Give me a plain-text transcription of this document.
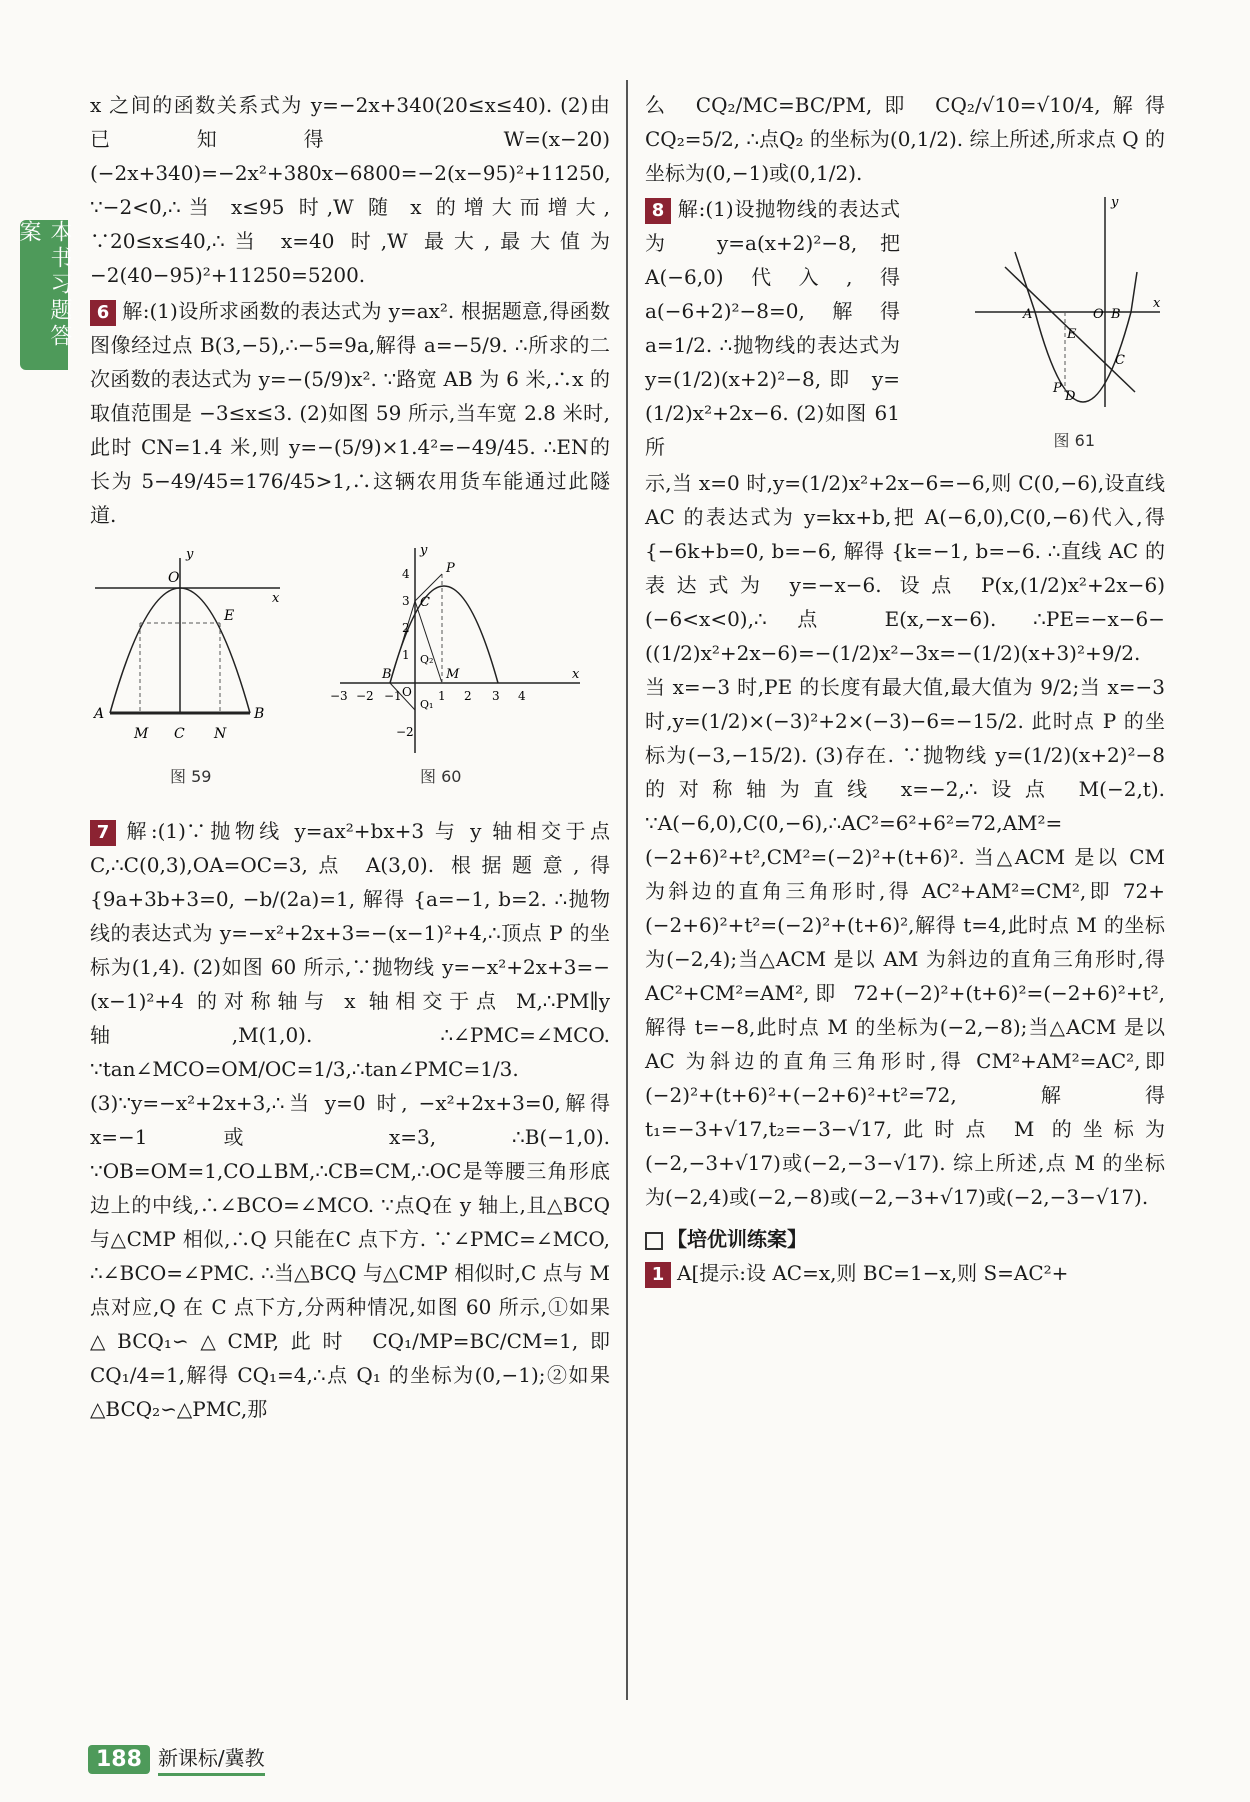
本书习题答案

x 之间的函数关系式为 y=−2x+340(20≤x≤40). (2)由已知得 W=(x−20)(−2x+340)=−2x²+380x−6800=−2(x−95)²+11250, ∵−2<0,∴当 x≤95 时,W 随 x 的增大而增大, ∵20≤x≤40,∴当 x=40 时,W 最大,最大值为 −2(40−95)²+11250=5200.

6 解:(1)设所求函数的表达式为 y=ax². 根据题意,得函数图像经过点 B(3,−5),∴−5=9a,解得 a=−5/9. ∴所求的二次函数的表达式为 y=−(5/9)x². ∵路宽 AB 为 6 米,∴x 的取值范围是 −3≤x≤3. (2)如图 59 所示,当车宽 2.8 米时,此时 CN=1.4 米,则 y=−(5/9)×1.4²=−49/45. ∴EN的长为 5−49/45=176/45>1,∴这辆农用货车能通过此隧道.

x
y
O
E
A	B
M C N
图 59
x
y
P
C
B	M
O
Q₂
Q₁
−3 −2 −1	1 2 3 4
4
3
2
1
−2
图 60

7 解:(1)∵抛物线 y=ax²+bx+3 与 y 轴相交于点 C,∴C(0,3),OA=OC=3,点 A(3,0). 根据题意,得 {9a+3b+3=0, −b/(2a)=1, 解得 {a=−1, b=2. ∴抛物线的表达式为 y=−x²+2x+3=−(x−1)²+4,∴顶点 P 的坐标为(1,4). (2)如图 60 所示,∵抛物线 y=−x²+2x+3=−(x−1)²+4 的对称轴与 x 轴相交于点 M,∴PM∥y 轴,M(1,0). ∴∠PMC=∠MCO. ∵tan∠MCO=OM/OC=1/3,∴tan∠PMC=1/3. (3)∵y=−x²+2x+3,∴当 y=0 时, −x²+2x+3=0,解得 x=−1 或 x=3, ∴B(−1,0). ∵OB=OM=1,CO⊥BM,∴CB=CM,∴OC是等腰三角形底边上的中线,∴∠BCO=∠MCO. ∵点Q在 y 轴上,且△BCQ 与△CMP 相似,∴Q 只能在C 点下方. ∵∠PMC=∠MCO, ∴∠BCO=∠PMC. ∴当△BCQ 与△CMP 相似时,C 点与 M 点对应,Q 在 C 点下方,分两种情况,如图 60 所示,①如果△BCQ₁∽△CMP,此时 CQ₁/MP=BC/CM=1,即 CQ₁/4=1,解得 CQ₁=4,∴点 Q₁ 的坐标为(0,−1);②如果△BCQ₂∽△PMC,那

么 CQ₂/MC=BC/PM,即 CQ₂/√10=√10/4,解得 CQ₂=5/2, ∴点Q₂ 的坐标为(0,1/2). 综上所述,所求点 Q 的坐标为(0,−1)或(0,1/2).

x
y
A
E
O B
C
P
D
图 61

8 解:(1)设抛物线的表达式为 y=a(x+2)²−8,把 A(−6,0)代入,得 a(−6+2)²−8=0,解得 a=1/2. ∴抛物线的表达式为 y=(1/2)(x+2)²−8,即 y=(1/2)x²+2x−6. (2)如图 61 所

示,当 x=0 时,y=(1/2)x²+2x−6=−6,则 C(0,−6),设直线 AC 的表达式为 y=kx+b,把 A(−6,0),C(0,−6)代入,得 {−6k+b=0, b=−6, 解得 {k=−1, b=−6. ∴直线 AC 的表达式为 y=−x−6. 设点 P(x,(1/2)x²+2x−6)(−6<x<0),∴点 E(x,−x−6). ∴PE=−x−6−((1/2)x²+2x−6)=−(1/2)x²−3x=−(1/2)(x+3)²+9/2. 当 x=−3 时,PE 的长度有最大值,最大值为 9/2;当 x=−3 时,y=(1/2)×(−3)²+2×(−3)−6=−15/2. 此时点 P 的坐标为(−3,−15/2). (3)存在. ∵抛物线 y=(1/2)(x+2)²−8 的对称轴为直线 x=−2,∴设点 M(−2,t). ∵A(−6,0),C(0,−6),∴AC²=6²+6²=72,AM²=(−2+6)²+t²,CM²=(−2)²+(t+6)². 当△ACM 是以 CM 为斜边的直角三角形时,得 AC²+AM²=CM²,即 72+(−2+6)²+t²=(−2)²+(t+6)²,解得 t=4,此时点 M 的坐标为(−2,4);当△ACM 是以 AM 为斜边的直角三角形时,得 AC²+CM²=AM²,即 72+(−2)²+(t+6)²=(−2+6)²+t²,解得 t=−8,此时点 M 的坐标为(−2,−8);当△ACM 是以 AC 为斜边的直角三角形时,得 CM²+AM²=AC²,即(−2)²+(t+6)²+(−2+6)²+t²=72,解得 t₁=−3+√17,t₂=−3−√17,此时点 M 的坐标为(−2,−3+√17)或(−2,−3−√17). 综上所述,点 M 的坐标为(−2,4)或(−2,−8)或(−2,−3+√17)或(−2,−3−√17).

【培优训练案】

1 A[提示:设 AC=x,则 BC=1−x,则 S=AC²+

188 新课标/冀教
